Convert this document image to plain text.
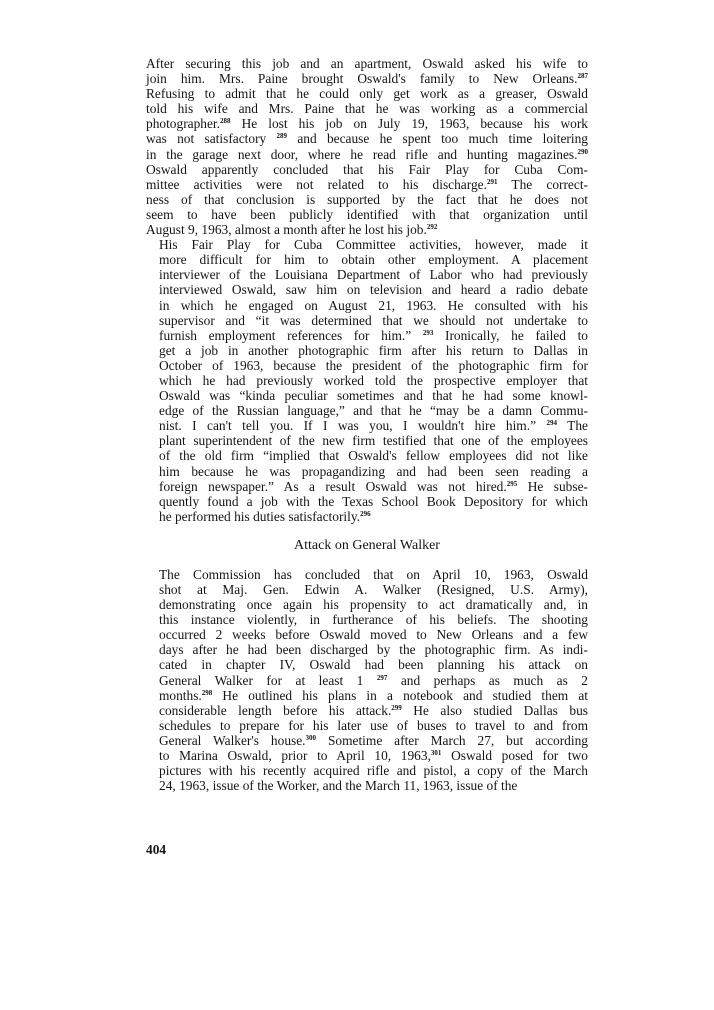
After securing this job and an apartment, Oswald asked his wife to
join him. Mrs. Paine brought Oswald's family to New Orleans.$^{287}$
Refusing to admit that he could only get work as a greaser, Oswald
told his wife and Mrs. Paine that he was working as a commercial
photographer.$^{288}$ He lost his job on July 19, 1963, because his work
was not satisfactory $^{289}$ and because he spent too much time loitering
in the garage next door, where he read rifle and hunting magazines.$^{290}$
Oswald apparently concluded that his Fair Play for Cuba Com-
mittee activities were not related to his discharge.$^{291}$ The correct-
ness of that conclusion is supported by the fact that he does not
seem to have been publicly identified with that organization until
August 9, 1963, almost a month after he lost his job.$^{292}$
His Fair Play for Cuba Committee activities, however, made it
more difficult for him to obtain other employment. A placement
interviewer of the Louisiana Department of Labor who had previously
interviewed Oswald, saw him on television and heard a radio debate
in which he engaged on August 21, 1963. He consulted with his
supervisor and “it was determined that we should not undertake to
furnish employment references for him.” $^{293}$ Ironically, he failed to
get a job in another photographic firm after his return to Dallas in
October of 1963, because the president of the photographic firm for
which he had previously worked told the prospective employer that
Oswald was “kinda peculiar sometimes and that he had some knowl-
edge of the Russian language,” and that he “may be a damn Commu-
nist. I can't tell you. If I was you, I wouldn't hire him.” $^{294}$ The
plant superintendent of the new firm testified that one of the employees
of the old firm “implied that Oswald's fellow employees did not like
him because he was propagandizing and had been seen reading a
foreign newspaper.” As a result Oswald was not hired.$^{295}$ He subse-
quently found a job with the Texas School Book Depository for which
he performed his duties satisfactorily.$^{296}$
Attack on General Walker
The Commission has concluded that on April 10, 1963, Oswald
shot at Maj. Gen. Edwin A. Walker (Resigned, U.S. Army),
demonstrating once again his propensity to act dramatically and, in
this instance violently, in furtherance of his beliefs. The shooting
occurred 2 weeks before Oswald moved to New Orleans and a few
days after he had been discharged by the photographic firm. As indi-
cated in chapter IV, Oswald had been planning his attack on
General Walker for at least 1 $^{297}$ and perhaps as much as 2
months.$^{298}$ He outlined his plans in a notebook and studied them at
considerable length before his attack.$^{299}$ He also studied Dallas bus
schedules to prepare for his later use of buses to travel to and from
General Walker's house.$^{300}$ Sometime after March 27, but according
to Marina Oswald, prior to April 10, 1963,$^{301}$ Oswald posed for two
pictures with his recently acquired rifle and pistol, a copy of the March
24, 1963, issue of the Worker, and the March 11, 1963, issue of the
404
